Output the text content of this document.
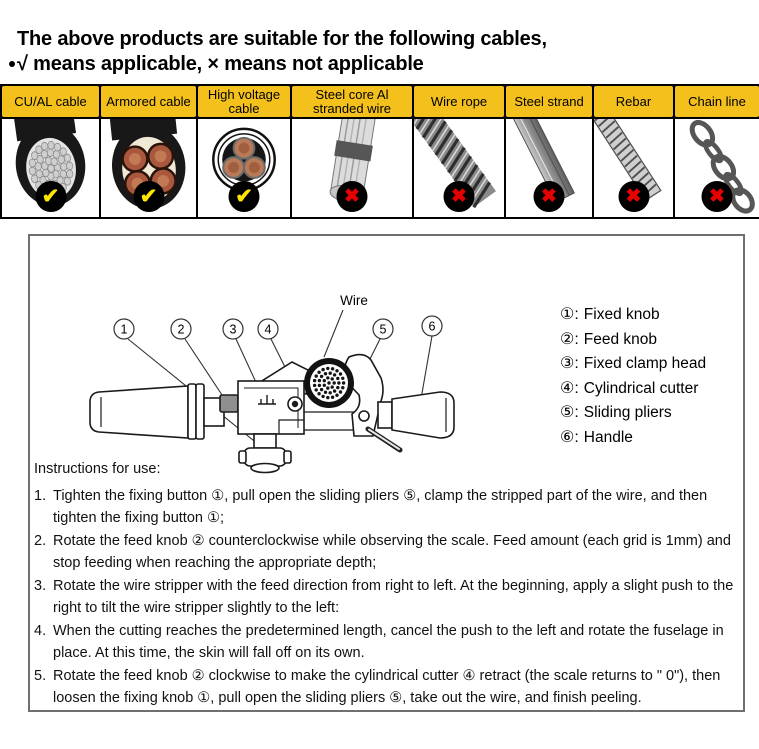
The above products are suitable for the following cables,
√ means applicable, × means not applicable
CU/AL cable	Armored cable	High voltage cable
Steel core Al stranded wire	Wire rope	Steel strand	Rebar	Chain line
✔	✔	✔	✖	✖	✖	✖	✖
1	2	3 4	5	6
Wire
①: Fixed knob
②: Feed knob
③: Fixed clamp head
④: Cylindrical cutter
⑤: Sliding pliers
⑥: Handle
Instructions for use:
1. Tighten the fixing button ①, pull open the sliding pliers ⑤, clamp the stripped part of the wire, and then tighten the fixing button ①;
2. Rotate the feed knob ② counterclockwise while observing the scale. Feed amount (each grid is 1mm) and stop feeding when reaching the appropriate depth;
3. Rotate the wire stripper with the feed direction from right to left. At the beginning, apply a slight push to the right to tilt the wire stripper slightly to the left:
4. When the cutting reaches the predetermined length, cancel the push to the left and rotate the fuselage in place. At this time, the skin will fall off on its own.
5. Rotate the feed knob ② clockwise to make the cylindrical cutter ④ retract (the scale returns to " 0"), then loosen the fixing knob ①, pull open the sliding pliers ⑤, take out the wire, and finish peeling.
